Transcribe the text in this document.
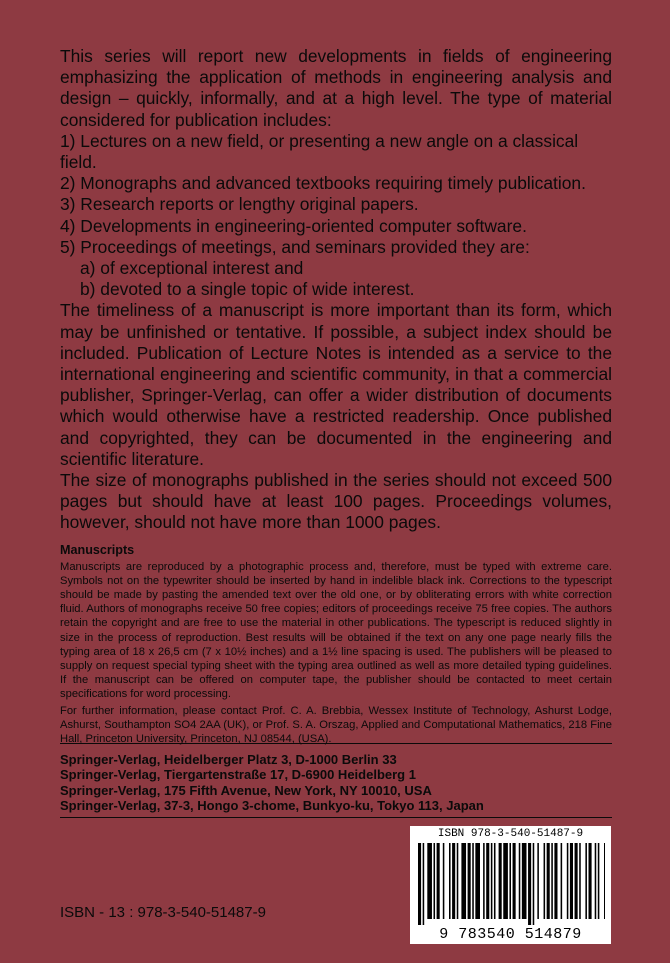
This series will report new developments in fields of engineering emphasizing the application of methods in engineering analysis and design – quickly, informally, and at a high level. The type of material considered for publication includes:

1) Lectures on a new field, or presenting a new angle on a classical field.
2) Monographs and advanced textbooks requiring timely publication.
3) Research reports or lengthy original papers.
4) Developments in engineering-oriented computer software.
5) Proceedings of meetings, and seminars provided they are:
a) of exceptional interest and
b) devoted to a single topic of wide interest.

The timeliness of a manuscript is more important than its form, which may be unfinished or tentative. If possible, a subject index should be included. Publication of Lecture Notes is intended as a service to the international engineering and scientific community, in that a commercial publisher, Springer-Verlag, can offer a wider distribution of documents which would otherwise have a restricted readership. Once published and copyrighted, they can be documented in the engineering and scientific literature.

The size of monographs published in the series should not exceed 500 pages but should have at least 100 pages. Proceedings volumes, however, should not have more than 1000 pages.

Manuscripts

Manuscripts are reproduced by a photographic process and, therefore, must be typed with extreme care. Symbols not on the typewriter should be inserted by hand in indelible black ink. Corrections to the typescript should be made by pasting the amended text over the old one, or by obliterating errors with white correction fluid. Authors of monographs receive 50 free copies; editors of proceedings receive 75 free copies. The authors retain the copyright and are free to use the material in other publications. The typescript is reduced slightly in size in the process of reproduction. Best results will be obtained if the text on any one page nearly fills the typing area of 18 x 26,5 cm (7 x 10½ inches) and a 1½ line spacing is used. The publishers will be pleased to supply on request special typing sheet with the typing area outlined as well as more detailed typing guidelines. If the manuscript can be offered on computer tape, the publisher should be contacted to meet certain specifications for word processing.

For further information, please contact Prof. C. A. Brebbia, Wessex Institute of Technology, Ashurst Lodge, Ashurst, Southampton SO4 2AA (UK), or Prof. S. A. Orszag, Applied and Computational Mathematics, 218 Fine Hall, Princeton University, Princeton, NJ 08544, (USA).

Springer-Verlag, Heidelberger Platz 3, D-1000 Berlin 33
Springer-Verlag, Tiergartenstraße 17, D-6900 Heidelberg 1
Springer-Verlag, 175 Fifth Avenue, New York, NY 10010, USA
Springer-Verlag, 37-3, Hongo 3-chome, Bunkyo-ku, Tokyo 113, Japan
ISBN - 13 : 978-3-540-51487-9
ISBN 978-3-540-51487-9
9 783540 514879
